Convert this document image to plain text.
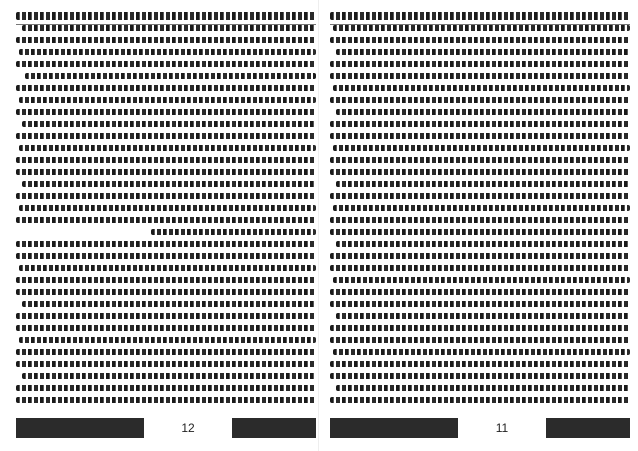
12	11
